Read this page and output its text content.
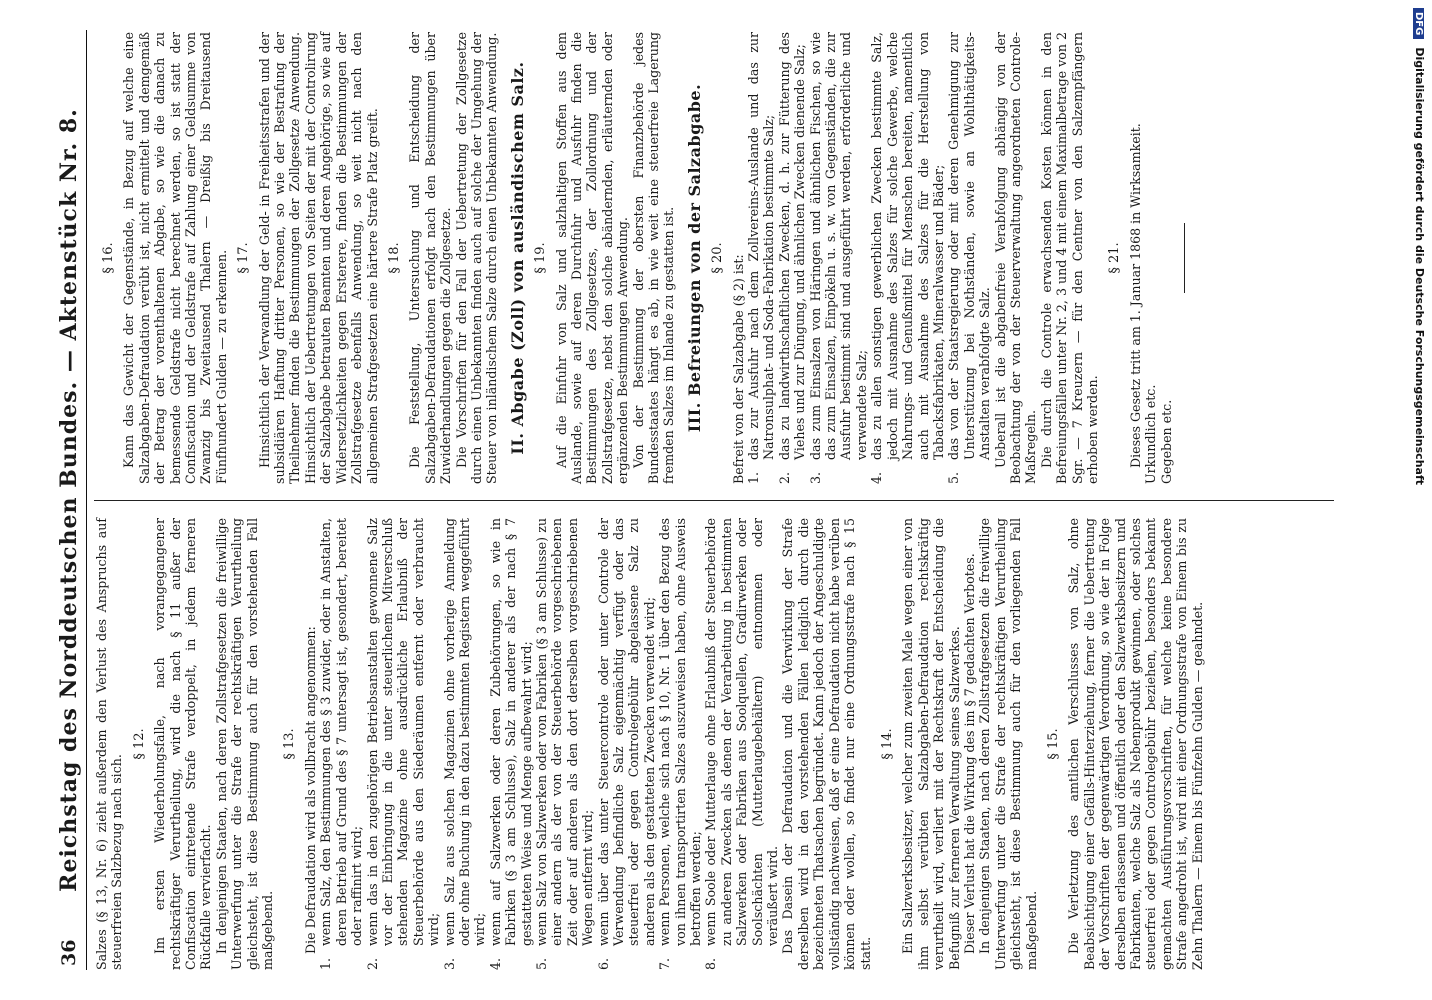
36
Reichstag des Norddeutschen Bundes. — Aktenstück Nr. 8. Salzes (§ 13, Nr. 6) zieht außerdem den Verlust des Anspruchs auf steuerfreien Salzbezug nach sich.

§ 12. Im ersten Wiederholungsfalle, nach vorangegangener rechtskräftiger Verurtheilung, wird die nach § 11 außer der Confiscation eintretende Strafe verdoppelt, in jedem ferneren Rückfalle vervierfacht. In denjenigen Staaten, nach deren Zollstrafgesetzen die freiwillige Unterwerfung unter die Strafe der rechtskräftigen Verurtheilung gleichsteht, ist diese Bestimmung auch für den vorstehenden Fall maßgebend.

§ 13. Die Defraudation wird als vollbracht angenommen:

1.
wenn Salz, den Bestimmungen des § 3 zuwider, oder in Anstalten, deren Betrieb auf Grund des § 7 untersagt ist, gesondert, bereitet oder raffinirt wird;
2.
wenn das in den zugehörigen Betriebsanstalten gewonnene Salz vor der Einbringung in die unter steuerlichem Mitverschluß stehenden Magazine ohne ausdrückliche Erlaubniß der Steuerbehörde aus den Siederäumen entfernt oder verbraucht wird;
3.
wenn Salz aus solchen Magazinen ohne vorherige Anmeldung oder ohne Buchung in den dazu bestimmten Registern weggeführt wird;
4.
wenn auf Salzwerken oder deren Zubehörungen, so wie in Fabriken (§ 3 am Schlusse), Salz in anderer als der nach § 7 gestatteten Weise und Menge aufbewahrt wird;
5.
wenn Salz von Salzwerken oder von Fabriken (§ 3 am Schlusse) zu einer andern als der von der Steuerbehörde vorgeschriebenen Zeit oder auf anderen als den dort derselben vorgeschriebenen Wegen entfernt wird;
6.
wenn über das unter Steuercontrole oder unter Controle der Verwendung befindliche Salz eigenmächtig verfügt oder das steuerfrei oder gegen Controlegebühr abgelassene Salz zu anderen als den gestatteten Zwecken verwendet wird;
7.
wenn Personen, welche sich nach § 10, Nr. 1 über den Bezug des von ihnen transportirten Salzes auszuweisen haben, ohne Ausweis betroffen werden;
8.
wenn Soole oder Mutterlauge ohne Erlaubniß der Steuerbehörde zu anderen Zwecken als denen der Verarbeitung in bestimmten Salzwerken oder Fabriken aus Soolquellen, Gradirwerken oder Soolschächten (Mutterlaugebehältern) entnommen oder veräußert wird. Das Dasein der Defraudation und die Verwirkung der Strafe derselben wird in den vorstehenden Fällen lediglich durch die bezeichneten Thatsachen begründet. Kann jedoch der Angeschuldigte vollständig nachweisen, daß er eine Defraudation nicht habe verüben können oder wollen, so findet nur eine Ordnungsstrafe nach § 15 statt.

§ 14. Ein Salzwerksbesitzer, welcher zum zweiten Male wegen einer von ihm selbst verübten Salzabgaben-Defraudation rechtskräftig verurtheilt wird, verliert mit der Rechtskraft der Entscheidung die Befugniß zur ferneren Verwaltung seines Salzwerkes. Dieser Verlust hat die Wirkung des im § 7 gedachten Verbotes. In denjenigen Staaten, nach deren Zollstrafgesetzen die freiwillige Unterwerfung unter die Strafe der rechtskräftigen Verurtheilung gleichsteht, ist diese Bestimmung auch für den vorliegenden Fall maßgebend.

§ 15. Die Verletzung des amtlichen Verschlusses von Salz, ohne Beabsichtigung einer Gefälls-Hinterziehung, ferner die Uebertretung der Vorschriften der gegenwärtigen Verordnung, so wie der in Folge derselben erlassenen und öffentlich oder den Salzwerksbesitzern und Fabrikanten, welche Salz als Nebenprodukt gewinnen, oder solches steuerfrei oder gegen Controlegebühr beziehen, besonders bekannt gemachten Ausführungsvorschriften, für welche keine besondere Strafe angedroht ist, wird mit einer Ordnungsstrafe von Einem bis zu Zehn Thalern — Einem bis Fünfzehn Gulden — geahndet.

§ 16. Kann das Gewicht der Gegenstände, in Bezug auf welche eine Salzabgaben-Defraudation verübt ist, nicht ermittelt und demgemäß der Betrag der vorenthaltenen Abgabe, so wie die danach zu bemessende Geldstrafe nicht berechnet werden, so ist statt der Confiscation und der Geldstrafe auf Zahlung einer Geldsumme von Zwanzig bis Zweitausend Thalern — Dreißig bis Dreitausend Fünfhundert Gulden — zu erkennen. § 17. Hinsichtlich der Verwandlung der Geld- in Freiheitsstrafen und der subsidiären Haftung dritter Personen, so wie der Bestrafung der Theilnehmer finden die Bestimmungen der Zollgesetze Anwendung. Hinsichtlich der Uebertretungen von Seiten der mit der Controlirung der Salzabgabe betrauten Beamten und deren Angehörige, so wie auf Widersetzlichkeiten gegen Ersterere, finden die Bestimmungen der Zollstrafgesetze ebenfalls Anwendung, so weit nicht nach den allgemeinen Strafgesetzen eine härtere Strafe Platz greift. § 18. Die Feststellung, Untersuchung und Entscheidung der Salzabgaben-Defraudationen erfolgt nach den Bestimmungen über Zuwiderhandlungen gegen die Zollgesetze. Die Vorschriften für den Fall der Uebertretung der Zollgesetze durch einen Unbekannten finden auch auf solche der Umgehung der Steuer von inländischem Salze durch einen Unbekannten Anwendung. II. Abgabe (Zoll) von ausländischem Salz. § 19. Auf die Einfuhr von Salz und salzhaltigen Stoffen aus dem Auslande, sowie auf deren Durchfuhr und Ausfuhr finden die Bestimmungen des Zollgesetzes, der Zollordnung und der Zollstrafgesetze, nebst den solche abändernden, erläuternden oder ergänzenden Bestimmungen Anwendung. Von der Bestimmung der obersten Finanzbehörde jedes Bundesstaates hängt es ab, in wie weit eine steuerfreie Lagerung fremden Salzes im Inlande zu gestatten ist. III. Befreiungen von der Salzabgabe. § 20. Befreit von der Salzabgabe (§ 2) ist: 1.
das zur Ausfuhr nach dem Zollvereins-Auslande und das zur Natronsulphat- und Soda-Fabrikation bestimmte Salz;
2.
das zu landwirthschaftlichen Zwecken, d. h. zur Fütterung des Viehes und zur Düngung, und ähnlichen Zwecken dienende Salz;
3.
das zum Einsalzen von Häringen und ähnlichen Fischen, so wie das zum Einsalzen, Einpökeln u. s. w. von Gegenständen, die zur Ausfuhr bestimmt sind und ausgeführt werden, erforderliche und verwendete Salz;
4.
das zu allen sonstigen gewerblichen Zwecken bestimmte Salz, jedoch mit Ausnahme des Salzes für solche Gewerbe, welche Nahrungs- und Genußmittel für Menschen bereiten, namentlich auch mit Ausnahme des Salzes für die Herstellung von Tabacksfabrikaten, Mineralwasser und Bäder;
5.
das von der Staatsregierung oder mit deren Genehmigung zur Unterstützung bei Nothständen, sowie an Wohlthätigkeits-Anstalten verabfolgte Salz. Ueberall ist die abgabenfreie Verabfolgung abhängig von der Beobachtung der von der Steuerverwaltung angeordneten Controle-Maßregeln. Die durch die Controle erwachsenden Kosten können in den Befreiungsfällen unter Nr. 2, 3 und 4 mit einem Maximalbetrage von 2 Sgr. — 7 Kreuzern — für den Centner von den Salzempfängern erhoben werden.

§ 21. Dieses Gesetz tritt am 1. Januar 1868 in Wirksamkeit. Urkundlich etc. Gegeben etc.

DFGDigitalisierung gefördert durch die Deutsche Forschungsgemeinschaft
